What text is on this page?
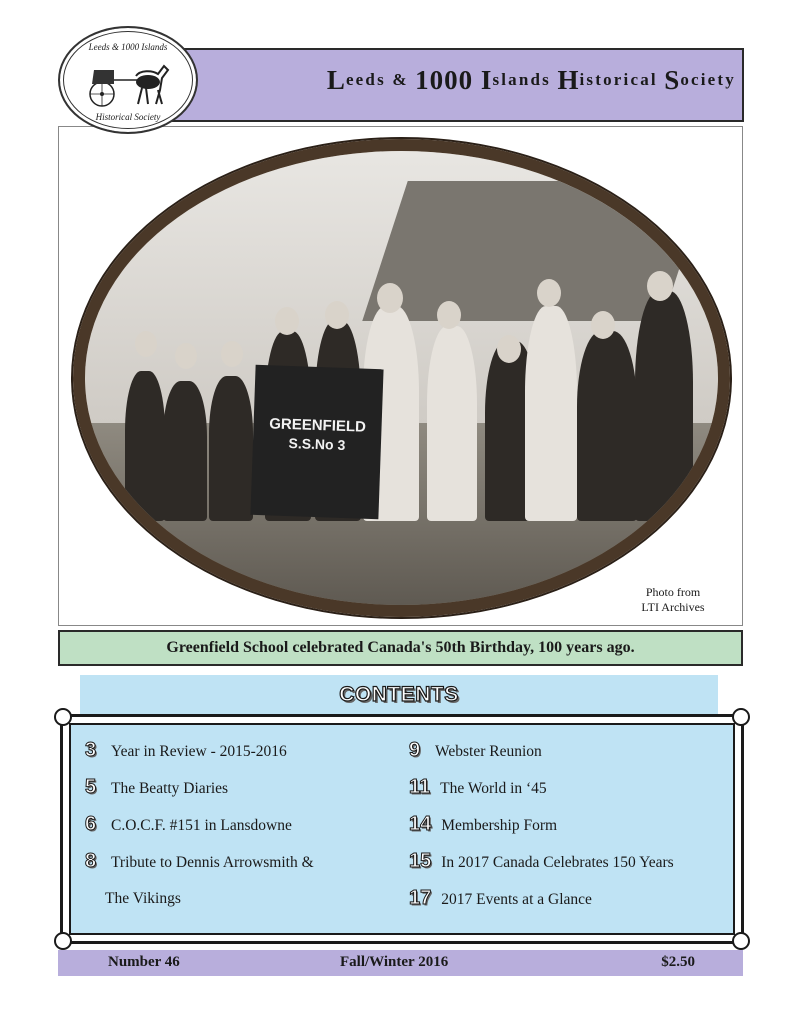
L eeds &
1000 I slands
H istorical
S ociety
Leeds & 1000 Islands
Historical Society
GREENFIELD
S.S.No 3
Photo from
LTI Archives
Greenfield School celebrated Canada's 50th Birthday, 100 years ago.
CONTENTS
3 Year in Review - 2015-2016
5 The Beatty Diaries
6 C.O.C.F. #151 in Lansdowne
8 Tribute to Dennis Arrowsmith &
The Vikings
9 Webster Reunion
11 The World in ‘45
14 Membership Form
15 In 2017 Canada Celebrates 150 Years
17 2017 Events at a Glance
Number 46	Fall/Winter 2016	$2.50
